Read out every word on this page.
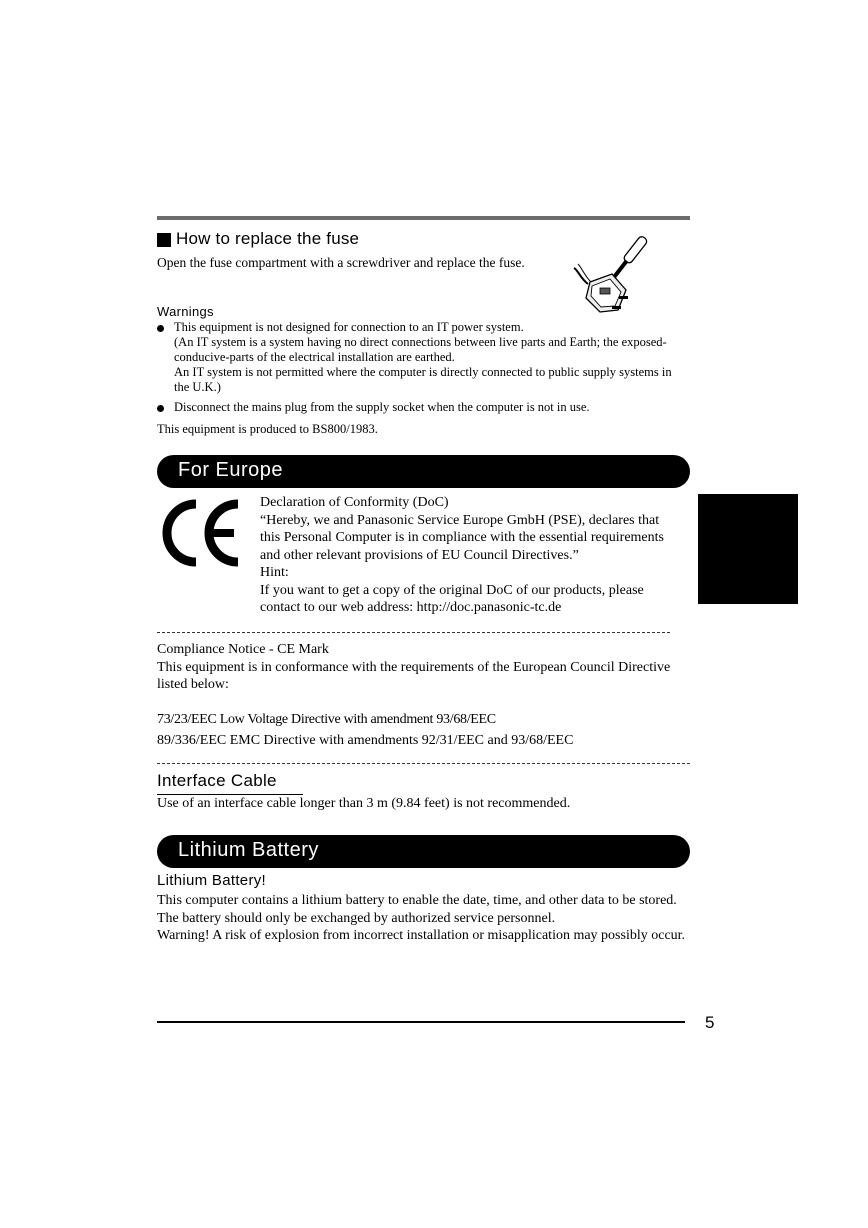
How to replace the fuse
Open the fuse compartment with a screwdriver and replace the fuse.
Warnings
This equipment is not designed for connection to an IT power system.
(An IT system is a system having no direct connections between live parts and Earth; the exposed-
conducive-parts of the electrical installation are earthed.
An IT system is not permitted where the computer is directly connected to public supply systems in
the U.K.)
Disconnect the mains plug from the supply socket when the computer is not in use.
This equipment is produced to BS800/1983.
For Europe
Declaration of Conformity (DoC)
“Hereby, we and Panasonic Service Europe GmbH (PSE), declares that
this Personal Computer is in compliance with the essential requirements
and other relevant provisions of EU Council Directives.”
Hint:
If you want to get a copy of the original DoC of our products, please
contact to our web address: http://doc.panasonic-tc.de
Compliance Notice - CE Mark
This equipment is in conformance with the requirements of the European Council Directive
listed below:
73/23/EEC Low Voltage Directive with amendment 93/68/EEC
89/336/EEC EMC Directive with amendments 92/31/EEC and 93/68/EEC
Interface Cable
Use of an interface cable longer than 3 m (9.84 feet) is not recommended.
Lithium Battery
Lithium Battery!
This computer contains a lithium battery to enable the date, time, and other data to be stored.
The battery should only be exchanged by authorized service personnel.
Warning! A risk of explosion from incorrect installation or misapplication may possibly occur.
5
